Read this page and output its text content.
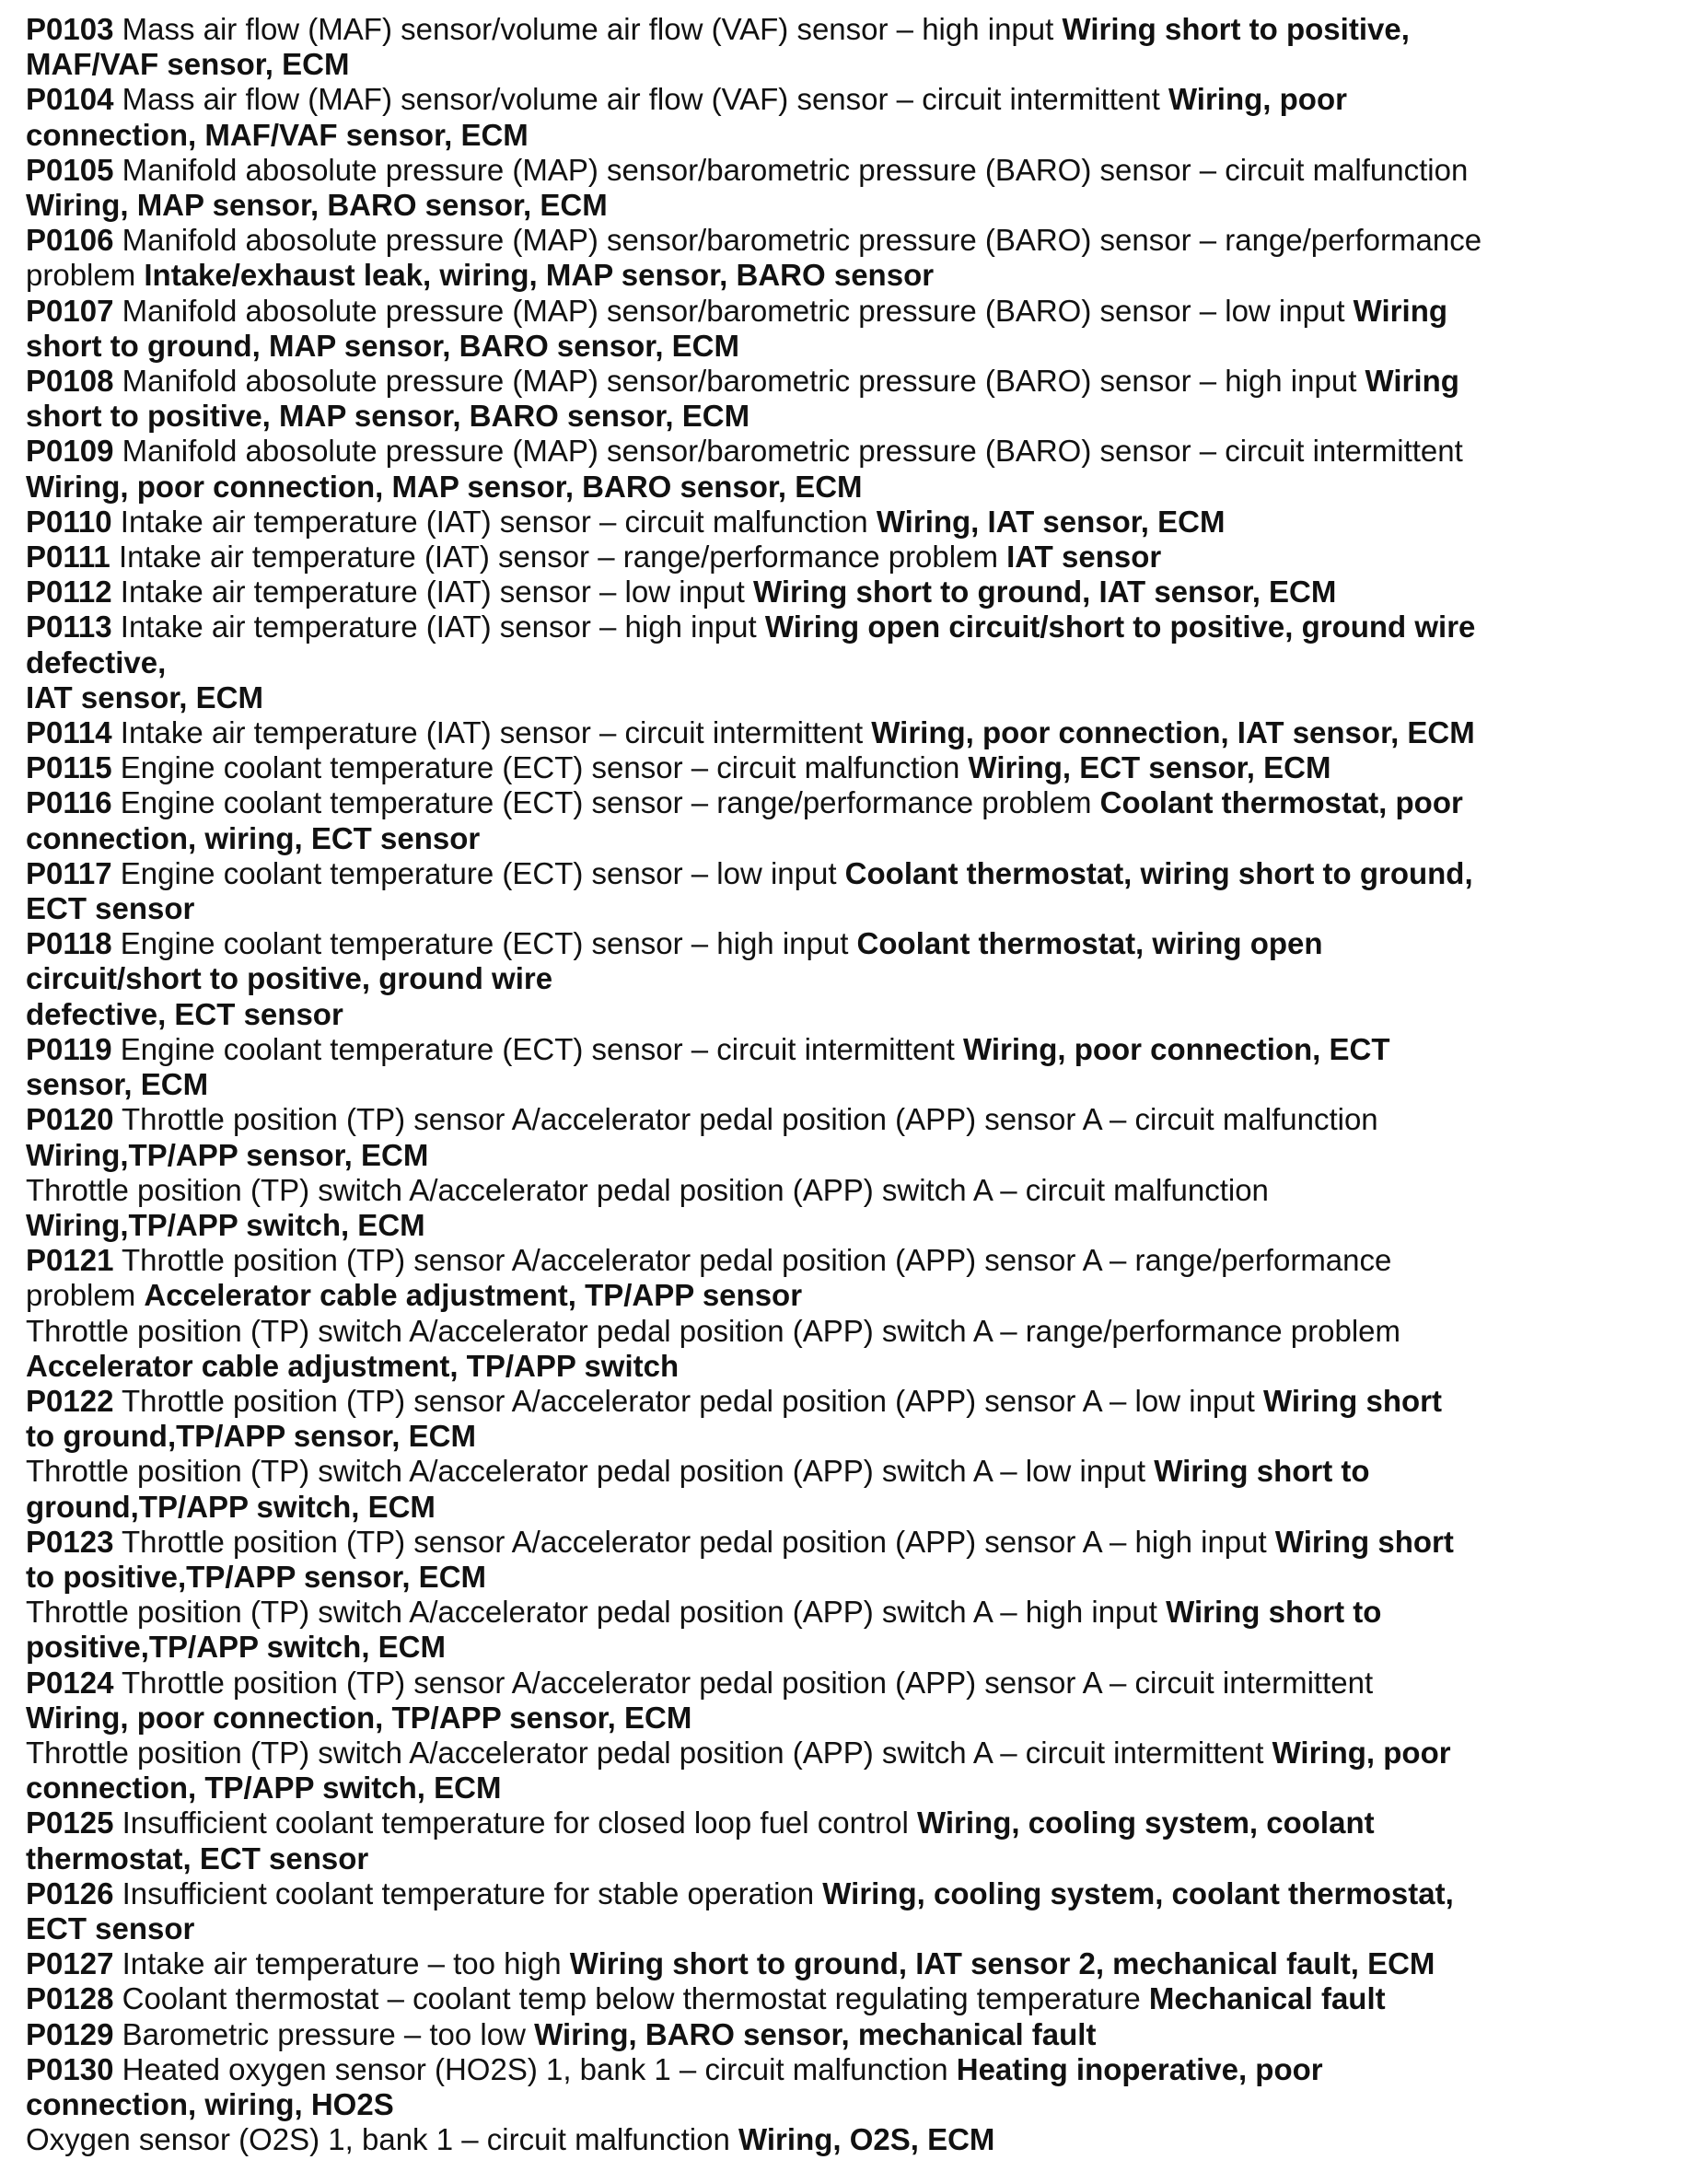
P0103 Mass air flow (MAF) sensor/volume air flow (VAF) sensor – high input Wiring short to positive,
MAF/VAF sensor, ECM
P0104 Mass air flow (MAF) sensor/volume air flow (VAF) sensor – circuit intermittent Wiring, poor
connection, MAF/VAF sensor, ECM
P0105 Manifold abosolute pressure (MAP) sensor/barometric pressure (BARO) sensor – circuit malfunction
Wiring, MAP sensor, BARO sensor, ECM
P0106 Manifold abosolute pressure (MAP) sensor/barometric pressure (BARO) sensor – range/performance
problem Intake/exhaust leak, wiring, MAP sensor, BARO sensor
P0107 Manifold abosolute pressure (MAP) sensor/barometric pressure (BARO) sensor – low input Wiring
short to ground, MAP sensor, BARO sensor, ECM
P0108 Manifold abosolute pressure (MAP) sensor/barometric pressure (BARO) sensor – high input Wiring
short to positive, MAP sensor, BARO sensor, ECM
P0109 Manifold abosolute pressure (MAP) sensor/barometric pressure (BARO) sensor – circuit intermittent
Wiring, poor connection, MAP sensor, BARO sensor, ECM
P0110 Intake air temperature (IAT) sensor – circuit malfunction Wiring, IAT sensor, ECM
P0111 Intake air temperature (IAT) sensor – range/performance problem IAT sensor
P0112 Intake air temperature (IAT) sensor – low input Wiring short to ground, IAT sensor, ECM
P0113 Intake air temperature (IAT) sensor – high input Wiring open circuit/short to positive, ground wire
defective,
IAT sensor, ECM
P0114 Intake air temperature (IAT) sensor – circuit intermittent Wiring, poor connection, IAT sensor, ECM
P0115 Engine coolant temperature (ECT) sensor – circuit malfunction Wiring, ECT sensor, ECM
P0116 Engine coolant temperature (ECT) sensor – range/performance problem Coolant thermostat, poor
connection, wiring, ECT sensor
P0117 Engine coolant temperature (ECT) sensor – low input Coolant thermostat, wiring short to ground,
ECT sensor
P0118 Engine coolant temperature (ECT) sensor – high input Coolant thermostat, wiring open
circuit/short to positive, ground wire
defective, ECT sensor
P0119 Engine coolant temperature (ECT) sensor – circuit intermittent Wiring, poor connection, ECT
sensor, ECM
P0120 Throttle position (TP) sensor A/accelerator pedal position (APP) sensor A – circuit malfunction
Wiring,TP/APP sensor, ECM
Throttle position (TP) switch A/accelerator pedal position (APP) switch A – circuit malfunction
Wiring,TP/APP switch, ECM
P0121 Throttle position (TP) sensor A/accelerator pedal position (APP) sensor A – range/performance
problem Accelerator cable adjustment, TP/APP sensor
Throttle position (TP) switch A/accelerator pedal position (APP) switch A – range/performance problem
Accelerator cable adjustment, TP/APP switch
P0122 Throttle position (TP) sensor A/accelerator pedal position (APP) sensor A – low input Wiring short
to ground,TP/APP sensor, ECM
Throttle position (TP) switch A/accelerator pedal position (APP) switch A – low input Wiring short to
ground,TP/APP switch, ECM
P0123 Throttle position (TP) sensor A/accelerator pedal position (APP) sensor A – high input Wiring short
to positive,TP/APP sensor, ECM
Throttle position (TP) switch A/accelerator pedal position (APP) switch A – high input Wiring short to
positive,TP/APP switch, ECM
P0124 Throttle position (TP) sensor A/accelerator pedal position (APP) sensor A – circuit intermittent
Wiring, poor connection, TP/APP sensor, ECM
Throttle position (TP) switch A/accelerator pedal position (APP) switch A – circuit intermittent Wiring, poor
connection, TP/APP switch, ECM
P0125 Insufficient coolant temperature for closed loop fuel control Wiring, cooling system, coolant
thermostat, ECT sensor
P0126 Insufficient coolant temperature for stable operation Wiring, cooling system, coolant thermostat,
ECT sensor
P0127 Intake air temperature – too high Wiring short to ground, IAT sensor 2, mechanical fault, ECM
P0128 Coolant thermostat – coolant temp below thermostat regulating temperature Mechanical fault
P0129 Barometric pressure – too low Wiring, BARO sensor, mechanical fault
P0130 Heated oxygen sensor (HO2S) 1, bank 1 – circuit malfunction Heating inoperative, poor
connection, wiring, HO2S
Oxygen sensor (O2S) 1, bank 1 – circuit malfunction Wiring, O2S, ECM
